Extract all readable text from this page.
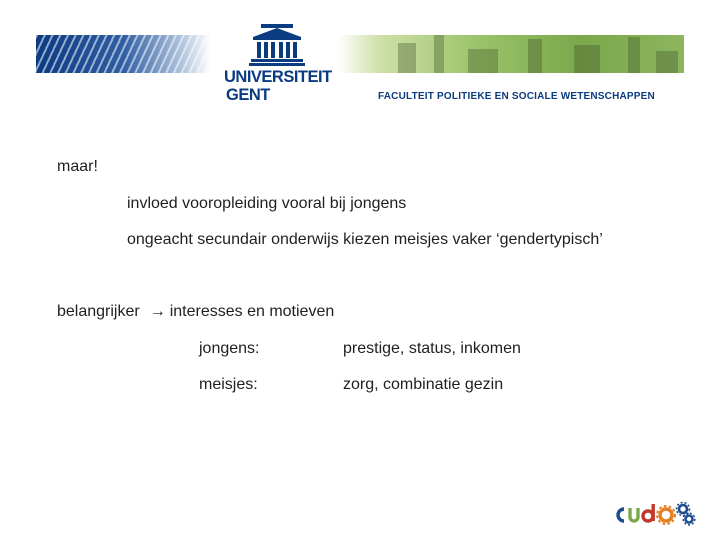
UNIVERSITEIT
GENT	FACULTEIT POLITIEKE EN SOCIALE WETENSCHAPPEN
maar!
invloed vooropleiding vooral bij jongens
ongeacht secundair onderwijs kiezen meisjes vaker ‘gendertypisch’
belangrijker → interesses en motieven
jongens:	prestige, status, inkomen
meisjes:	zorg, combinatie gezin
